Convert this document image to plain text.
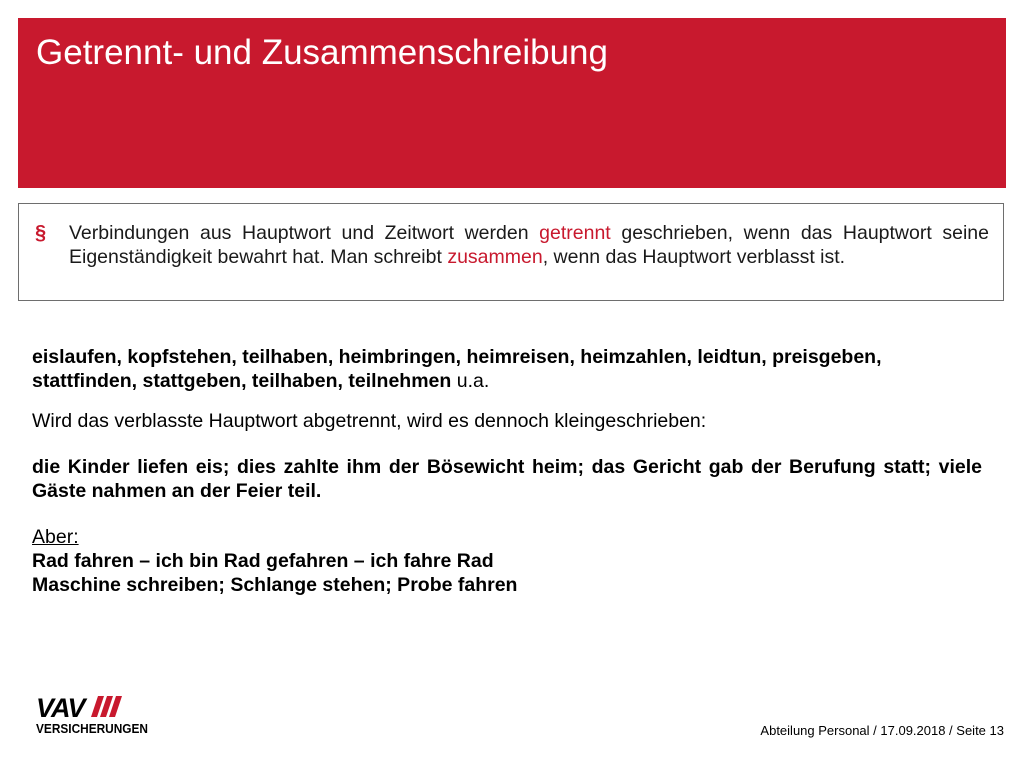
Getrennt- und Zusammenschreibung
§ Verbindungen aus Hauptwort und Zeitwort werden getrennt geschrieben, wenn das Hauptwort seine Eigenständigkeit bewahrt hat. Man schreibt zusammen, wenn das Hauptwort verblasst ist.

eislaufen, kopfstehen, teilhaben, heimbringen, heimreisen, heimzahlen, leidtun, preisgeben, stattfinden, stattgeben, teilhaben, teilnehmen u.a.

Wird das verblasste Hauptwort abgetrennt, wird es dennoch kleingeschrieben:

die Kinder liefen eis; dies zahlte ihm der Bösewicht heim; das Gericht gab der Berufung statt; viele Gäste nahmen an der Feier teil.

Aber:

Rad fahren – ich bin Rad gefahren – ich fahre Rad

Maschine schreiben; Schlange stehen; Probe fahren

VAV
VERSICHERUNGEN	Abteilung Personal / 17.09.2018 / Seite 13
